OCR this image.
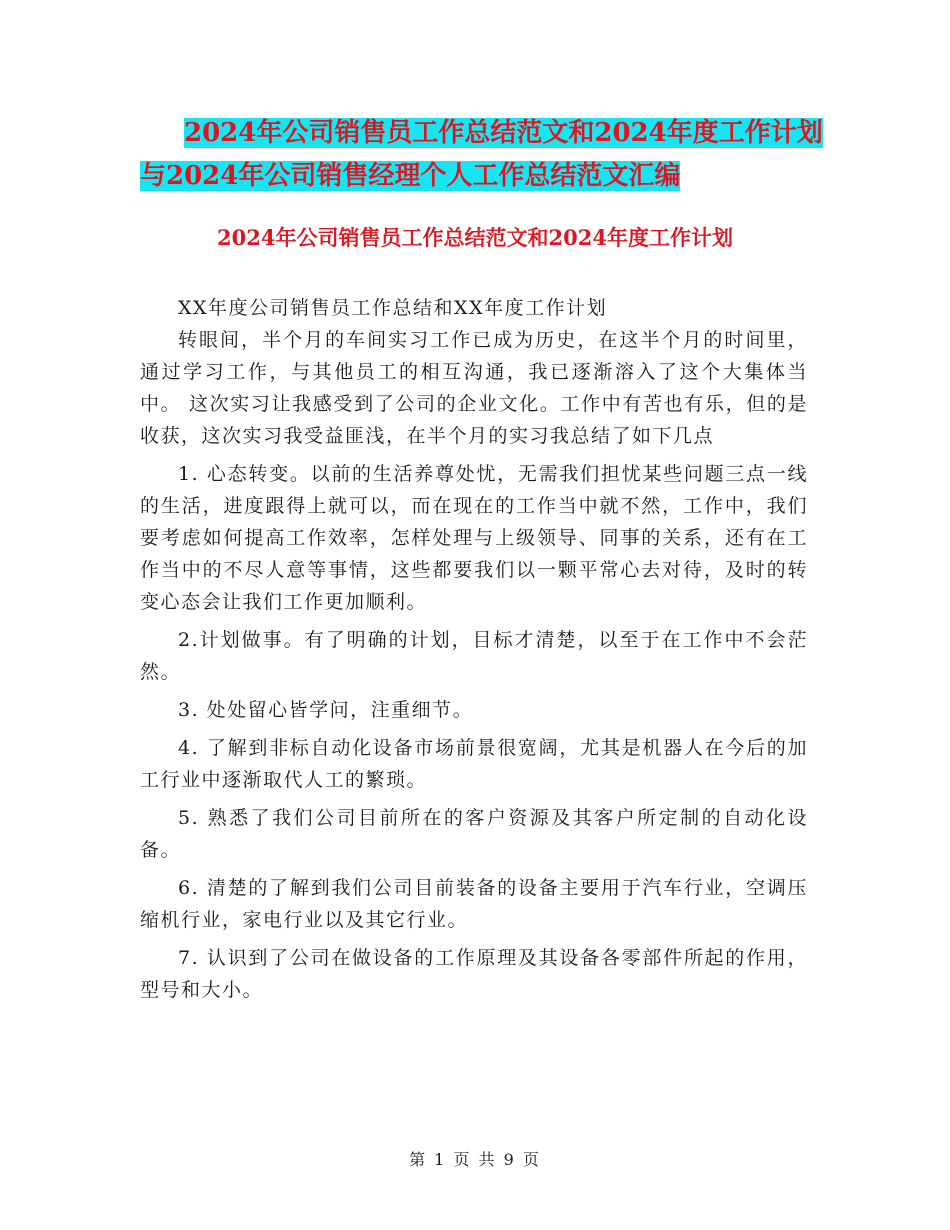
2024年公司销售员工作总结范文和2024年度工作计划
与2024年公司销售经理个人工作总结范文汇编
2024年公司销售员工作总结范文和2024年度工作计划

XX年度公司销售员工作总结和XX年度工作计划

转眼间，半个月的车间实习工作已成为历史，在这半个月的时间里，通过学习工作，与其他员工的相互沟通，我已逐渐溶入了这个大集体当中。 这次实习让我感受到了公司的企业文化。工作中有苦也有乐，但的是收获，这次实习我受益匪浅，在半个月的实习我总结了如下几点

1. 心态转变。以前的生活养尊处忧，无需我们担忧某些问题三点一线的生活，进度跟得上就可以，而在现在的工作当中就不然，工作中，我们要考虑如何提高工作效率，怎样处理与上级领导、同事的关系，还有在工作当中的不尽人意等事情，这些都要我们以一颗平常心去对待，及时的转变心态会让我们工作更加顺利。

2.计划做事。有了明确的计划，目标才清楚，以至于在工作中不会茫然。

3. 处处留心皆学问，注重细节。

4. 了解到非标自动化设备市场前景很宽阔，尤其是机器人在今后的加工行业中逐渐取代人工的繁琐。

5. 熟悉了我们公司目前所在的客户资源及其客户所定制的自动化设备。

6. 清楚的了解到我们公司目前装备的设备主要用于汽车行业，空调压缩机行业，家电行业以及其它行业。

7. 认识到了公司在做设备的工作原理及其设备各零部件所起的作用，型号和大小。

第 1 页 共 9 页
